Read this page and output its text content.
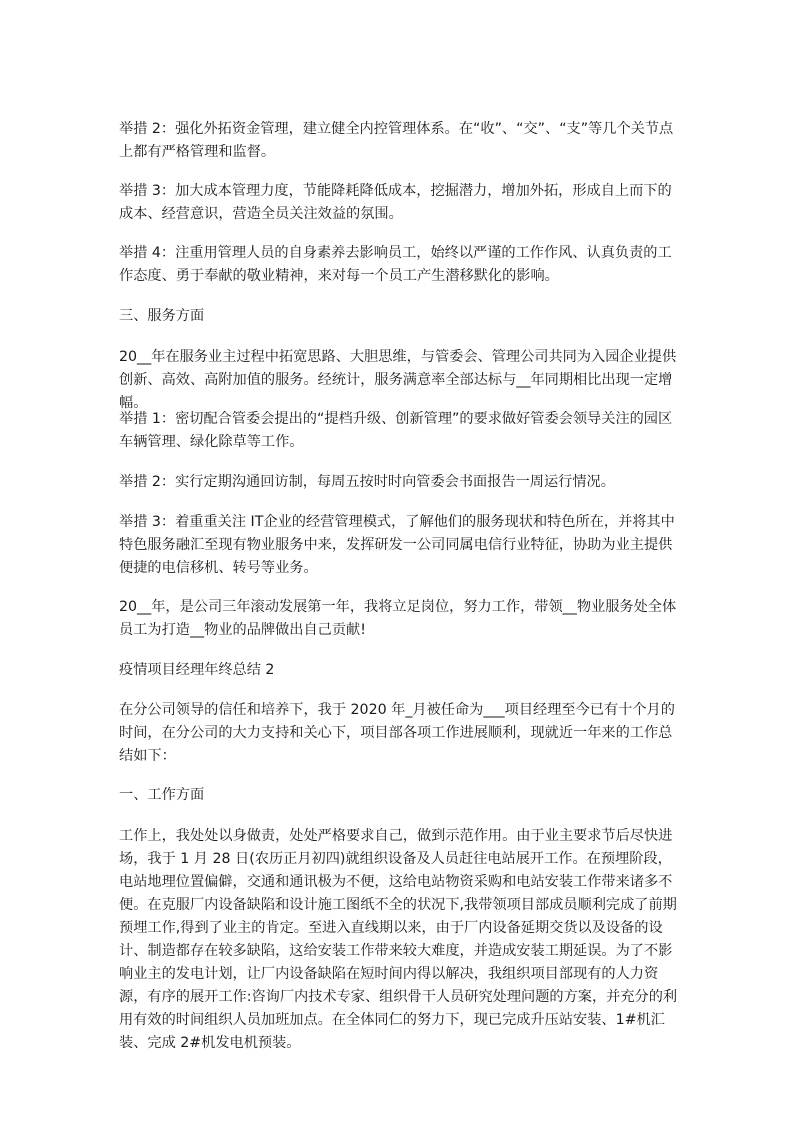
举措 2：强化外拓资金管理，建立健全内控管理体系。在“收”、“交”、“支”等几个关节点上都有严格管理和监督。

举措 3：加大成本管理力度，节能降耗降低成本，挖掘潜力，增加外拓，形成自上而下的成本、经营意识，营造全员关注效益的氛围。

举措 4：注重用管理人员的自身素养去影响员工，始终以严谨的工作作风、认真负责的工作态度、勇于奉献的敬业精神，来对每一个员工产生潜移默化的影响。

三、服务方面

20__年在服务业主过程中拓宽思路、大胆思维，与管委会、管理公司共同为入园企业提供创新、高效、高附加值的服务。经统计，服务满意率全部达标与__年同期相比出现一定增幅。

举措 1：密切配合管委会提出的“提档升级、创新管理”的要求做好管委会领导关注的园区车辆管理、绿化除草等工作。

举措 2：实行定期沟通回访制，每周五按时时向管委会书面报告一周运行情况。

举措 3：着重重关注 IT企业的经营管理模式，了解他们的服务现状和特色所在，并将其中特色服务融汇至现有物业服务中来，发挥研发一公司同属电信行业特征，协助为业主提供便捷的电信移机、转号等业务。

20__年，是公司三年滚动发展第一年，我将立足岗位，努力工作，带领__物业服务处全体员工为打造__物业的品牌做出自己贡献!

疫情项目经理年终总结 2

在分公司领导的信任和培养下，我于 2020 年_月被任命为___项目经理至今已有十个月的时间，在分公司的大力支持和关心下，项目部各项工作进展顺利，现就近一年来的工作总结如下：

一、工作方面

工作上，我处处以身做责，处处严格要求自己，做到示范作用。由于业主要求节后尽快进场，我于 1 月 28 日(农历正月初四)就组织设备及人员赶往电站展开工作。在预埋阶段，电站地理位置偏僻，交通和通讯极为不便，这给电站物资采购和电站安装工作带来诸多不便。在克服厂内设备缺陷和设计施工图纸不全的状况下,我带领项目部成员顺利完成了前期预埋工作,得到了业主的肯定。至进入直线期以来，由于厂内设备延期交货以及设备的设计、制造都存在较多缺陷，这给安装工作带来较大难度，并造成安装工期延误。为了不影响业主的发电计划，让厂内设备缺陷在短时间内得以解决，我组织项目部现有的人力资源，有序的展开工作:咨询厂内技术专家、组织骨干人员研究处理问题的方案，并充分的利用有效的时间组织人员加班加点。在全体同仁的努力下，现已完成升压站安装、1#机汇装、完成 2#机发电机预装。
